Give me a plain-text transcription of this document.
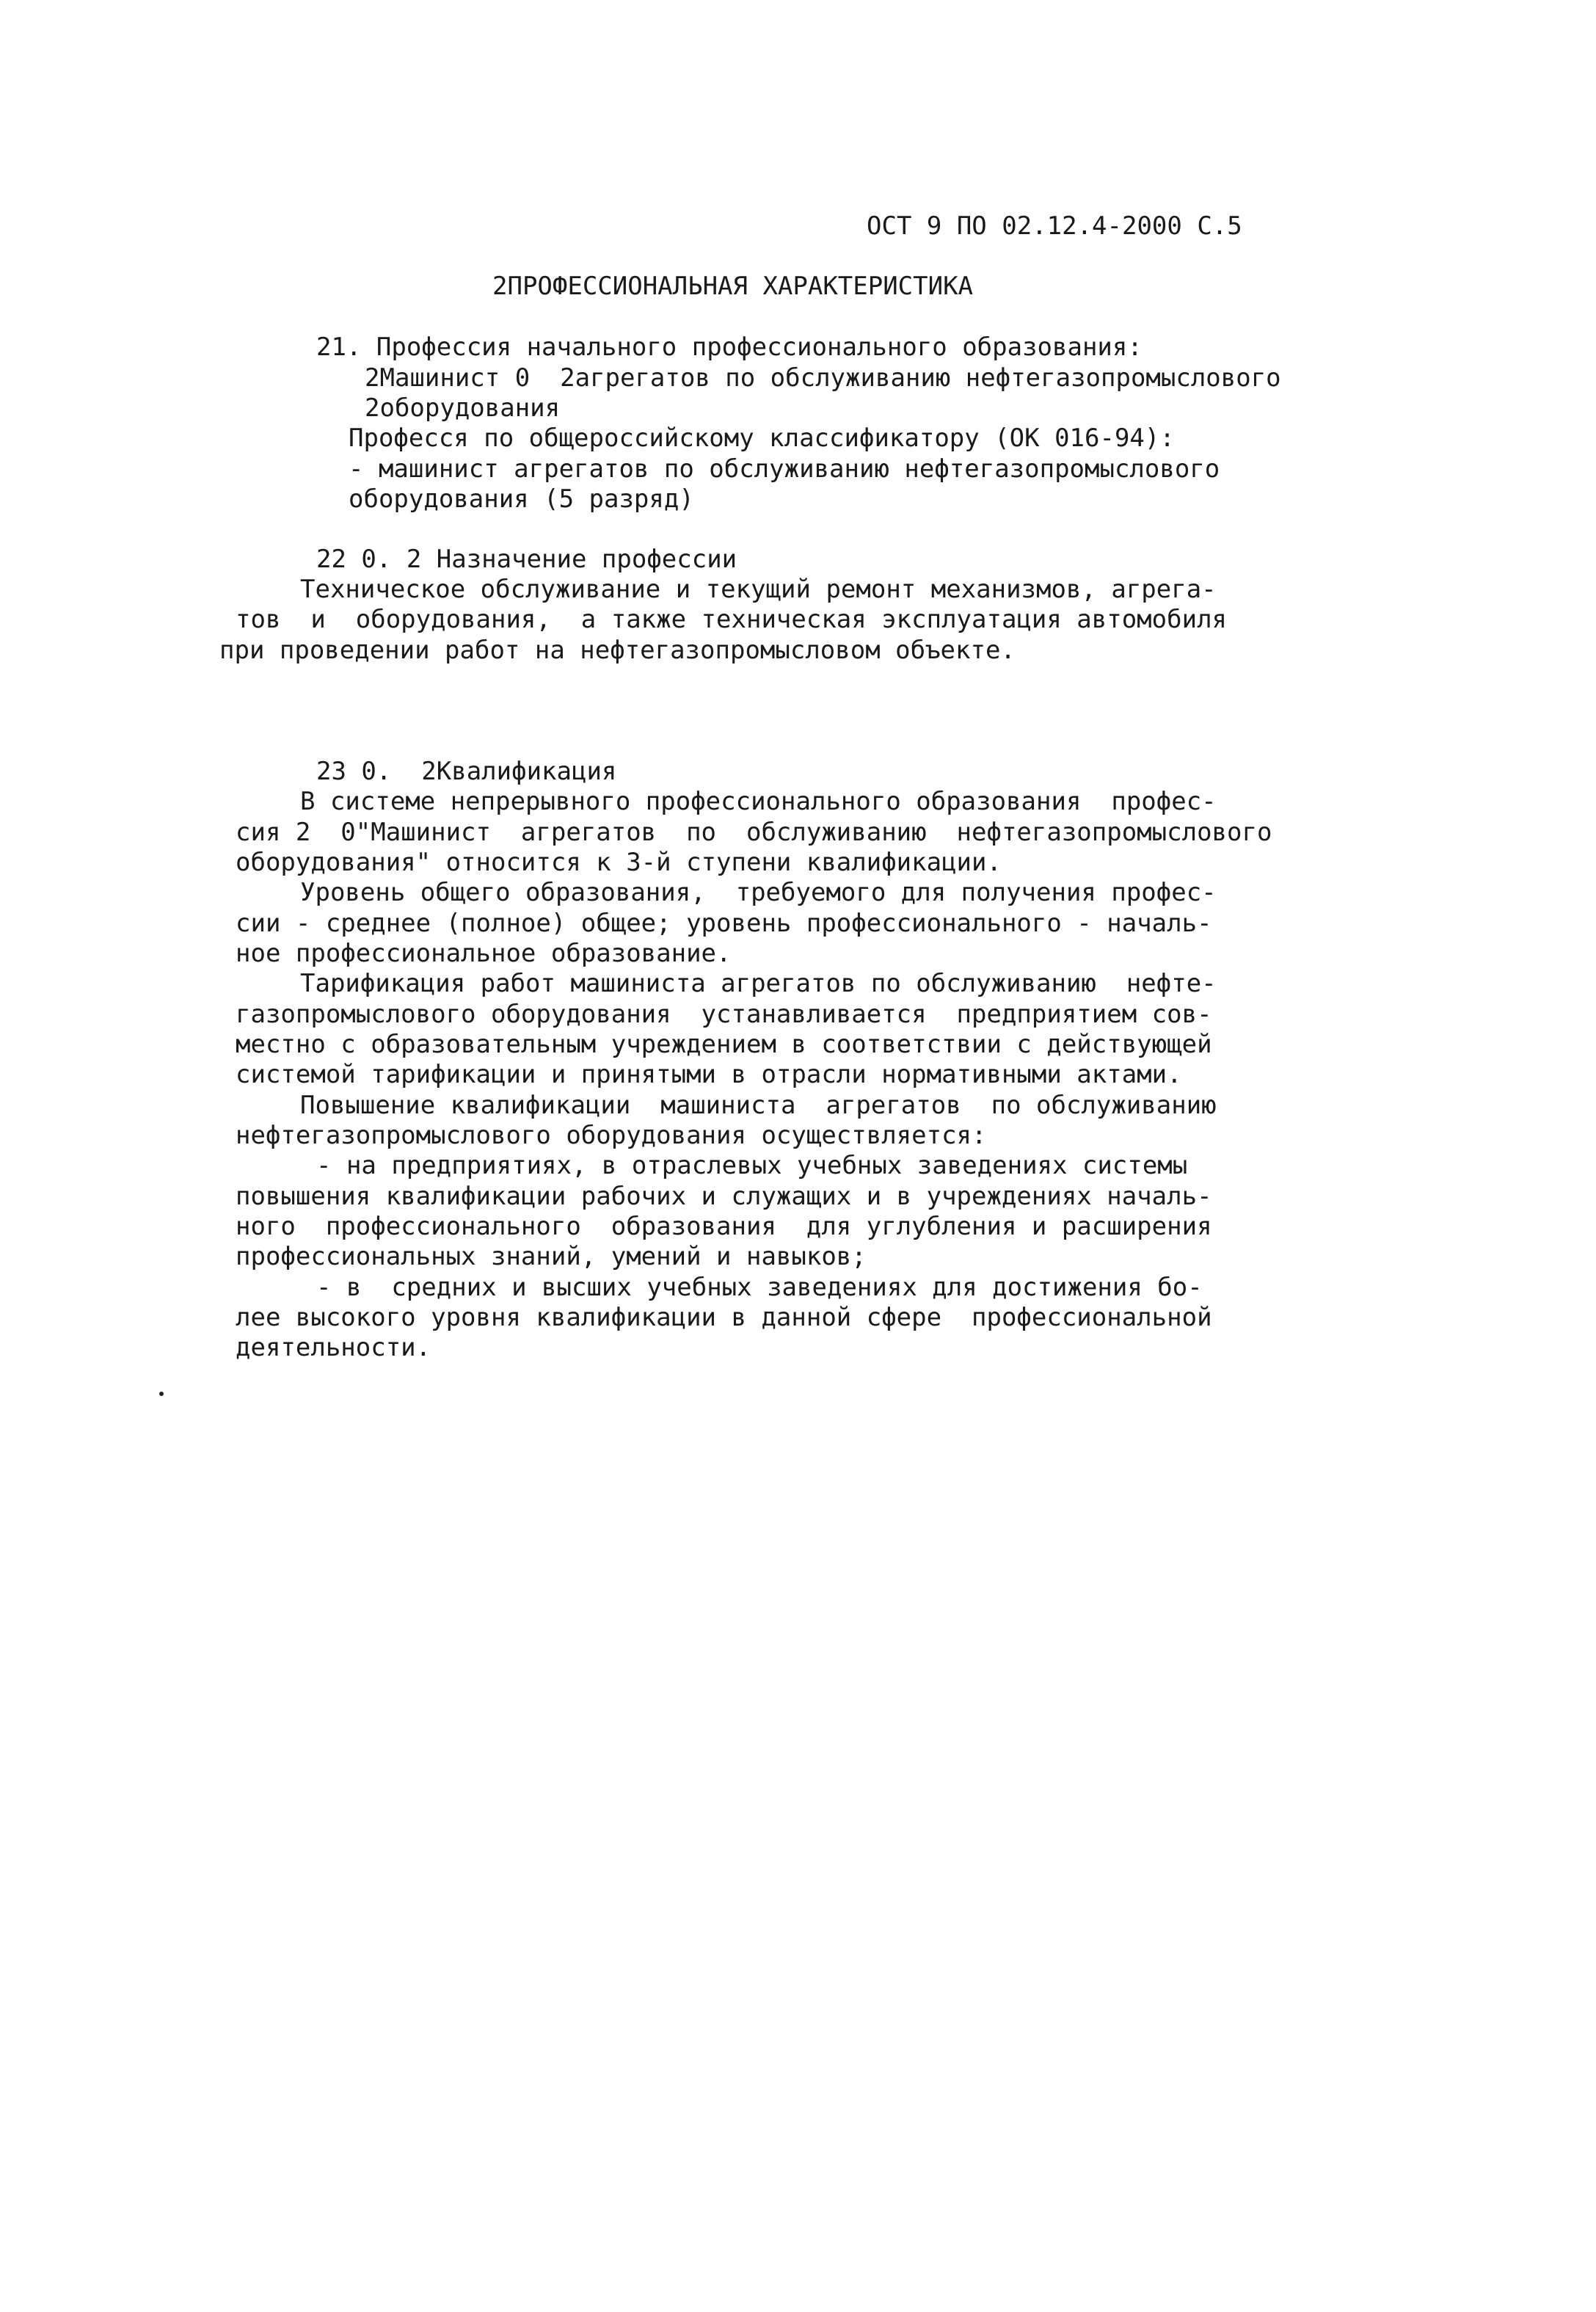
ОСТ 9 ПО 02.12.4-2000 С.5
2ПРОФЕССИОНАЛЬНАЯ ХАРАКТЕРИСТИКА
21. Профессия начального профессионального образования:
2Машинист 0  2агрегатов по обслуживанию нефтегазопромыслового
2оборудования
Професся по общероссийскому классификатору (ОК 016-94):
- машинист агрегатов по обслуживанию нефтегазопромыслового
оборудования (5 разряд)
22 0. 2 Назначение профессии
Техническое обслуживание и текущий ремонт механизмов, агрега-
тов  и  оборудования,  а также техническая эксплуатация автомобиля
при проведении работ на нефтегазопромысловом объекте.
23 0.  2Квалификация
В системе непрерывного профессионального образования  профес-
сия 2  0"Машинист  агрегатов  по  обслуживанию  нефтегазопромыслового
оборудования" относится к 3-й ступени квалификации.
Уровень общего образования,  требуемого для получения профес-
сии - среднее (полное) общее; уровень профессионального - началь-
ное профессиональное образование.
Тарификация работ машиниста агрегатов по обслуживанию  нефте-
газопромыслового оборудования  устанавливается  предприятием сов-
местно с образовательным учреждением в соответствии с действующей
системой тарификации и принятыми в отрасли нормативными актами.
Повышение квалификации  машиниста  агрегатов  по обслуживанию
нефтегазопромыслового оборудования осуществляется:
- на предприятиях, в отраслевых учебных заведениях системы
повышения квалификации рабочих и служащих и в учреждениях началь-
ного  профессионального  образования  для углубления и расширения
профессиональных знаний, умений и навыков;
- в  средних и высших учебных заведениях для достижения бо-
лее высокого уровня квалификации в данной сфере  профессиональной
деятельности.
